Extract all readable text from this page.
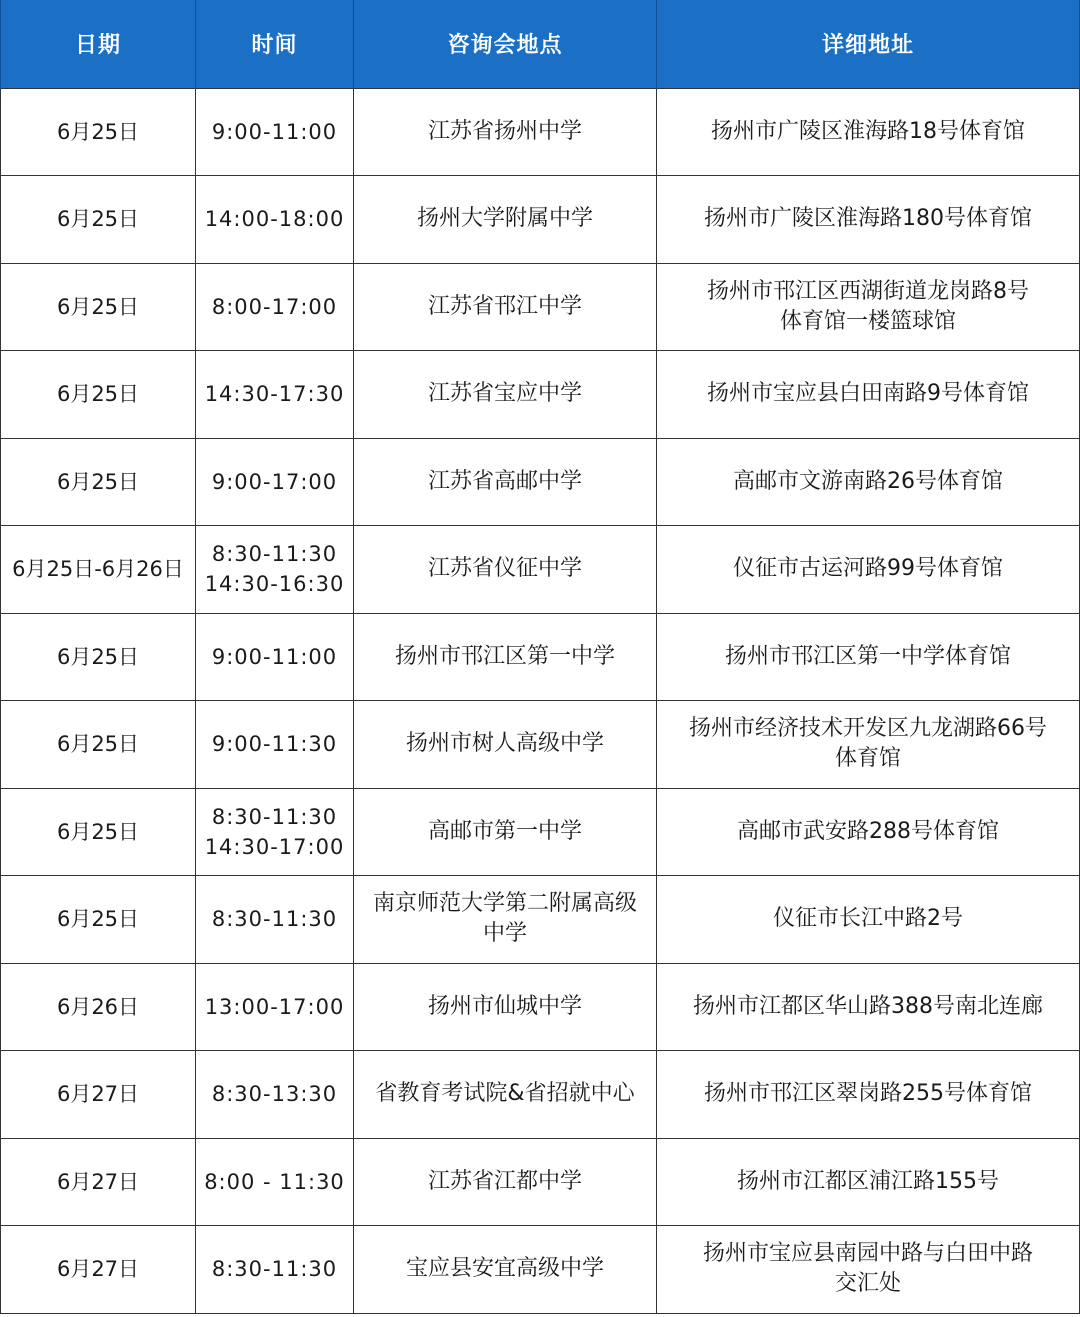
日期	时间	咨询会地点	详细地址
6月25日	9:00-11:00	江苏省扬州中学	扬州市广陵区淮海路18号体育馆

6月25日	14:00-18:00	扬州大学附属中学	扬州市广陵区淮海路180号体育馆

6月25日	8:00-17:00	江苏省邗江中学	扬州市邗江区西湖街道龙岗路8号
体育馆一楼篮球馆

6月25日	14:30-17:30	江苏省宝应中学	扬州市宝应县白田南路9号体育馆

6月25日	9:00-17:00	江苏省高邮中学	高邮市文游南路26号体育馆

6月25日-6月26日	8:30-11:30
14:30-16:30	江苏省仪征中学	仪征市古运河路99号体育馆

6月25日	9:00-11:00	扬州市邗江区第一中学	扬州市邗江区第一中学体育馆

6月25日	9:00-11:30	扬州市树人高级中学	扬州市经济技术开发区九龙湖路66号
体育馆

6月25日	8:30-11:30
14:30-17:00	高邮市第一中学	高邮市武安路288号体育馆

6月25日	8:30-11:30	南京师范大学第二附属高级
中学	仪征市长江中路2号

6月26日	13:00-17:00	扬州市仙城中学	扬州市江都区华山路388号南北连廊

6月27日	8:30-13:30	省教育考试院&省招就中心	扬州市邗江区翠岗路255号体育馆

6月27日	8:00 - 11:30	江苏省江都中学	扬州市江都区浦江路155号

6月27日	8:30-11:30	宝应县安宜高级中学	扬州市宝应县南园中路与白田中路
交汇处
